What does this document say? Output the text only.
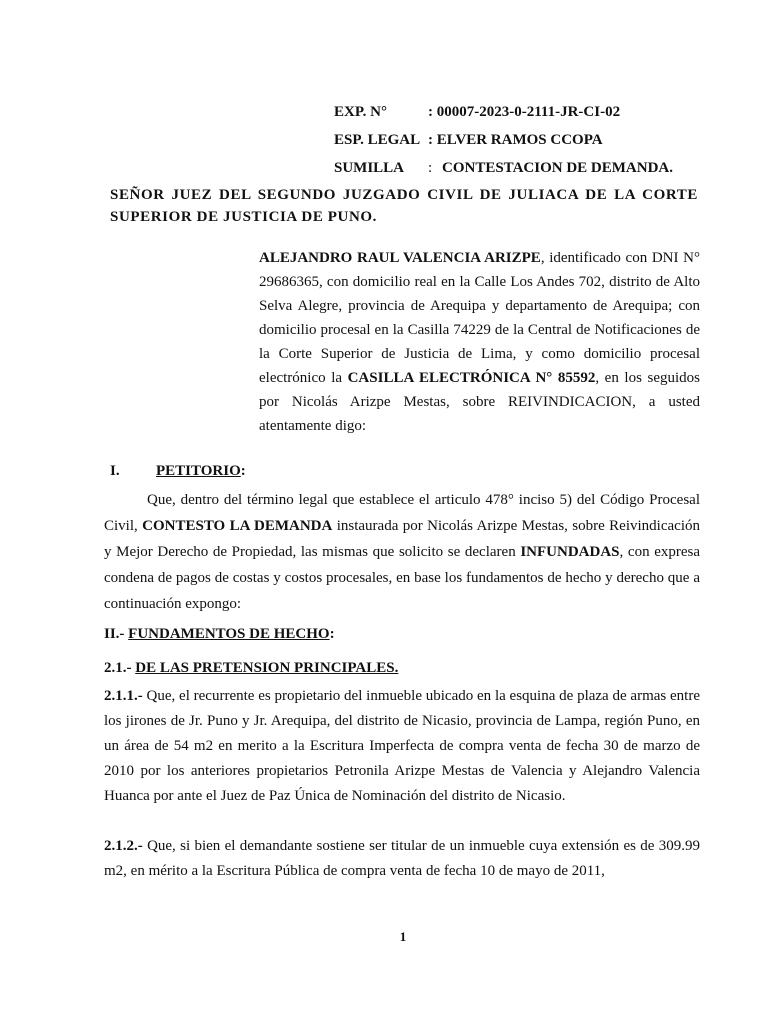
EXP. N°	: 00007-2023-0-2111-JR-CI-02
ESP. LEGAL : ELVER RAMOS CCOPA
SUMILLA : CONTESTACION DE DEMANDA.
SEÑOR JUEZ DEL SEGUNDO JUZGADO CIVIL DE JULIACA DE LA CORTE SUPERIOR DE JUSTICIA DE PUNO.
ALEJANDRO RAUL VALENCIA ARIZPE, identificado con DNI N° 29686365, con domicilio real en la Calle Los Andes 702, distrito de Alto Selva Alegre, provincia de Arequipa y departamento de Arequipa; con domicilio procesal en la Casilla 74229 de la Central de Notificaciones de la Corte Superior de Justicia de Lima, y como domicilio procesal electrónico la CASILLA ELECTRÓNICA N° 85592, en los seguidos por Nicolás Arizpe Mestas, sobre REIVINDICACION, a usted atentamente digo:
I. PETITORIO:
Que, dentro del término legal que establece el articulo 478° inciso 5) del Código Procesal Civil, CONTESTO LA DEMANDA instaurada por Nicolás Arizpe Mestas, sobre Reivindicación y Mejor Derecho de Propiedad, las mismas que solicito se declaren INFUNDADAS, con expresa condena de pagos de costas y costos procesales, en base los fundamentos de hecho y derecho que a continuación expongo:
II.- FUNDAMENTOS DE HECHO:
2.1.- DE LAS PRETENSION PRINCIPALES.
2.1.1.- Que, el recurrente es propietario del inmueble ubicado en la esquina de plaza de armas entre los jirones de Jr. Puno y Jr. Arequipa, del distrito de Nicasio, provincia de Lampa, región Puno, en un área de 54 m2 en merito a la Escritura Imperfecta de compra venta de fecha 30 de marzo de 2010 por los anteriores propietarios Petronila Arizpe Mestas de Valencia y Alejandro Valencia Huanca por ante el Juez de Paz Única de Nominación del distrito de Nicasio.
2.1.2.- Que, si bien el demandante sostiene ser titular de un inmueble cuya extensión es de 309.99 m2, en mérito a la Escritura Pública de compra venta de fecha 10 de mayo de 2011,
1
